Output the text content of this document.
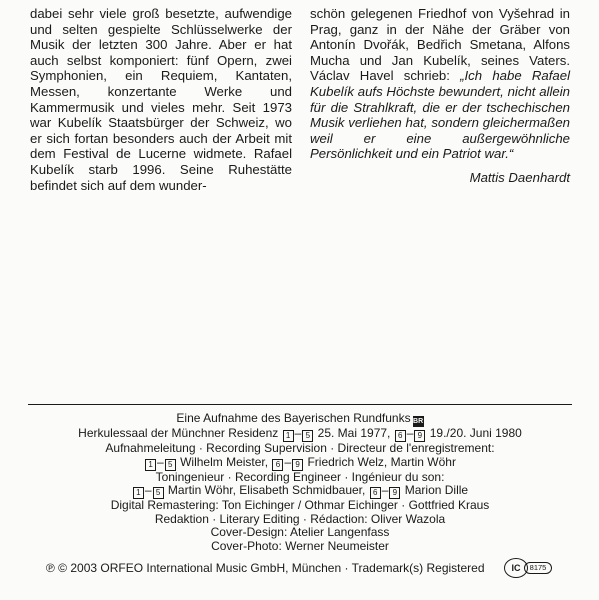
dabei sehr viele groß besetzte, aufwendige und selten gespielte Schlüsselwerke der Musik der letzten 300 Jahre. Aber er hat auch selbst komponiert: fünf Opern, zwei Symphonien, ein Requiem, Kantaten, Messen, konzertante Werke und Kammermusik und vieles mehr. Seit 1973 war Kubelík Staatsbürger der Schweiz, wo er sich fortan besonders auch der Arbeit mit dem Festival de Lucerne widmete. Rafael Kubelík starb 1996. Seine Ruhestätte befindet sich auf dem wunder-

schön gelegenen Friedhof von Vyšehrad in Prag, ganz in der Nähe der Gräber von Antonín Dvořák, Bedřich Smetana, Alfons Mucha und Jan Kubelík, seines Vaters. Václav Havel schrieb: „Ich habe Rafael Kubelík aufs Höchste bewundert, nicht allein für die Strahlkraft, die er der tschechischen Musik verliehen hat, sondern gleichermaßen weil er eine außergewöhnliche Persönlichkeit und ein Patriot war.“

Mattis Daenhardt

Eine Aufnahme des Bayerischen Rundfunks BR
Herkulessaal der Münchner Residenz 1 – 5 25. Mai 1977, 6 – 9 19./20. Juni 1980
Aufnahmeleitung · Recording Supervision · Directeur de l'enregistrement:
1 – 5 Wilhelm Meister, 6 – 9 Friedrich Welz, Martin Wöhr
Toningenieur · Recording Engineer · Ingénieur du son:
1 – 5 Martin Wöhr, Elisabeth Schmidbauer, 6 – 9 Marion Dille
Digital Remastering: Ton Eichinger / Othmar Eichinger · Gottfried Kraus
Redaktion · Literary Editing · Rédaction: Oliver Wazola
Cover-Design: Atelier Langenfass
Cover-Photo: Werner Neumeister
℗ © 2003 ORFEO International Music GmbH, München · Trademark(s) Registered	IC	8175
